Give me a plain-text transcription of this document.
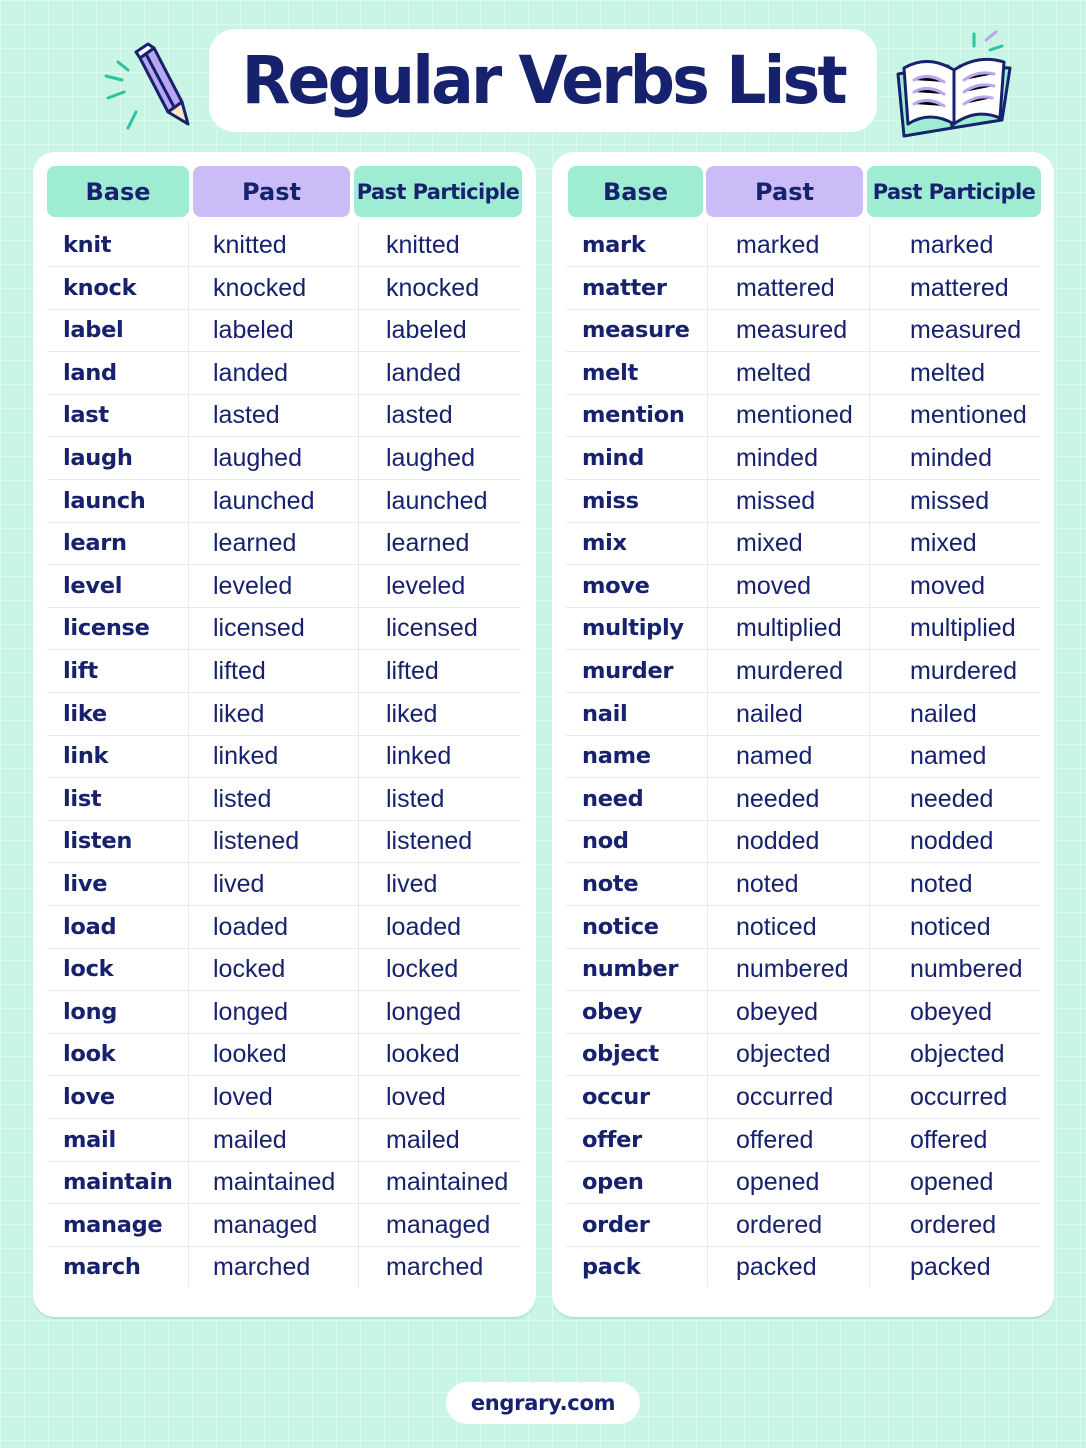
Regular Verbs List
Base	Past	Past Participle
knit	knitted	knitted
knock	knocked	knocked
label	labeled	labeled
land	landed	landed
last	lasted	lasted
laugh	laughed	laughed
launch	launched	launched
learn	learned	learned
level	leveled	leveled
license	licensed	licensed
lift	lifted	lifted
like	liked	liked
link	linked	linked
list	listed	listed
listen	listened	listened
live	lived	lived
load	loaded	loaded
lock	locked	locked
long	longed	longed
look	looked	looked
love	loved	loved
mail	mailed	mailed
maintain maintained maintained
manage managed	managed
march	marched	marched
Base	Past	Past Participle
mark	marked	marked
matter	mattered	mattered
measure measured	measured
melt	melted	melted
mention mentioned mentioned
mind	minded	minded
miss	missed	missed
mix	mixed	mixed
move	moved	moved
multiply multiplied	multiplied
murder	murdered	murdered
nail	nailed	nailed
name	named	named
need	needed	needed
nod	nodded	nodded
note	noted	noted
notice	noticed	noticed
number numbered numbered
obey	obeyed	obeyed
object	objected	objected
occur	occurred	occurred
offer	offered	offered
open	opened	opened
order	ordered	ordered
pack	packed	packed
engrary.com
